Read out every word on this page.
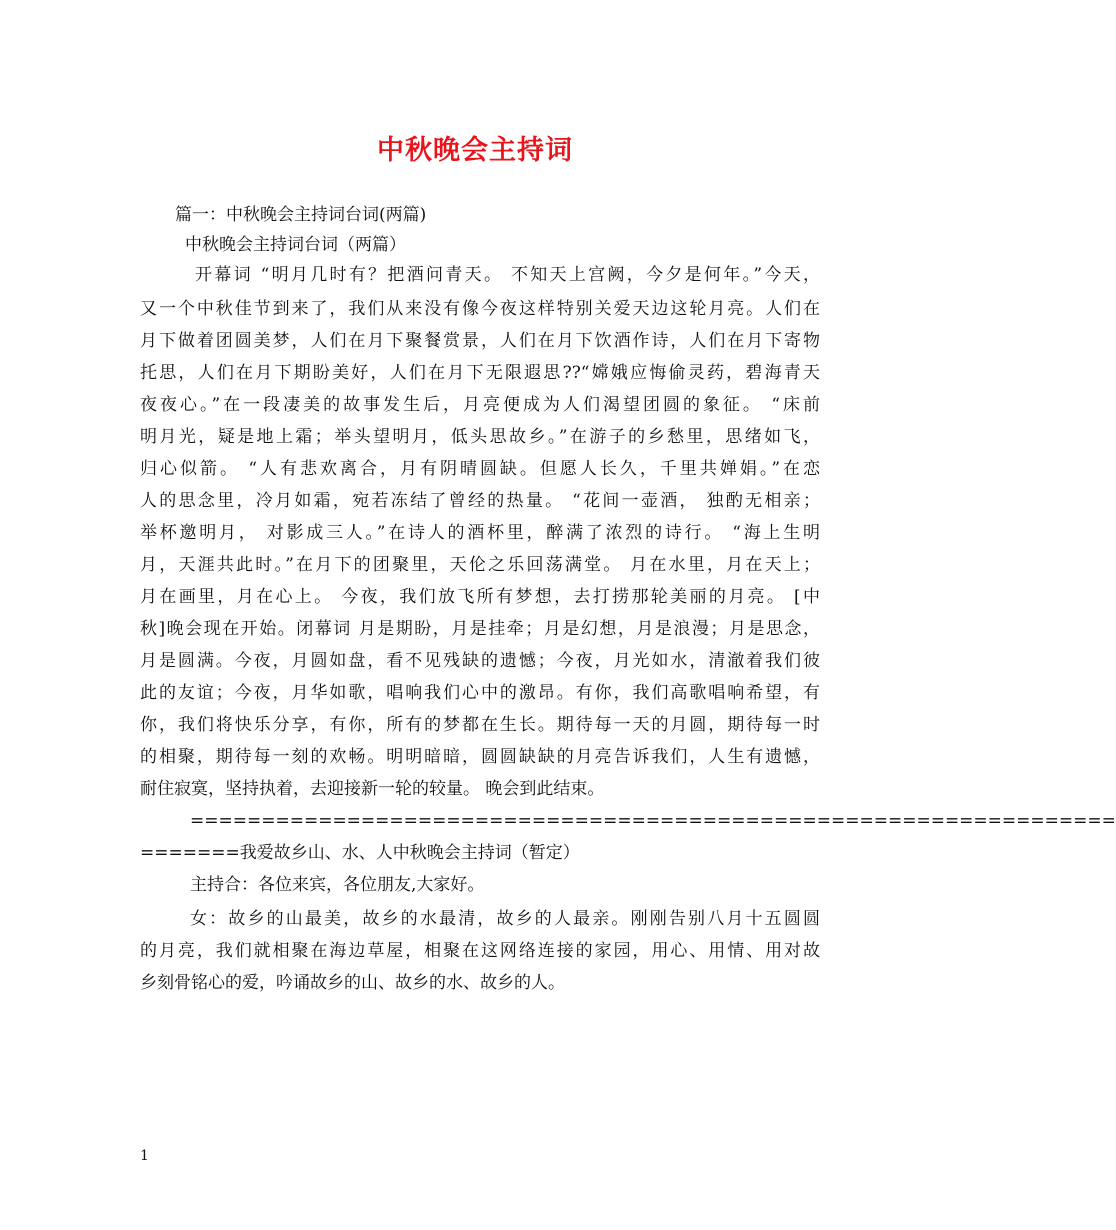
中秋晚会主持词
篇一：中秋晚会主持词台词(两篇)
中秋晚会主持词台词（两篇）
开幕词 “明月几时有？把酒问青天。 不知天上宫阙，今夕是何年。”今天，
又一个中秋佳节到来了，我们从来没有像今夜这样特别关爱天边这轮月亮。人们在
月下做着团圆美梦，人们在月下聚餐赏景，人们在月下饮酒作诗，人们在月下寄物
托思，人们在月下期盼美好，人们在月下无限遐思??“嫦娥应悔偷灵药，碧海青天
夜夜心。”在一段凄美的故事发生后，月亮便成为人们渴望团圆的象征。 “床前
明月光，疑是地上霜；举头望明月，低头思故乡。”在游子的乡愁里，思绪如飞，
归心似箭。 “人有悲欢离合，月有阴晴圆缺。但愿人长久，千里共婵娟。”在恋
人的思念里，冷月如霜，宛若冻结了曾经的热量。 “花间一壶酒， 独酌无相亲；
举杯邀明月， 对影成三人。”在诗人的酒杯里，醉满了浓烈的诗行。 “海上生明
月，天涯共此时。”在月下的团聚里，天伦之乐回荡满堂。 月在水里，月在天上；
月在画里，月在心上。 今夜，我们放飞所有梦想，去打捞那轮美丽的月亮。 [中
秋]晚会现在开始。闭幕词 月是期盼，月是挂牵；月是幻想，月是浪漫；月是思念，
月是圆满。今夜，月圆如盘，看不见残缺的遗憾；今夜，月光如水，清澈着我们彼
此的友谊；今夜，月华如歌，唱响我们心中的激昂。有你，我们高歌唱响希望，有
你，我们将快乐分享，有你，所有的梦都在生长。期待每一天的月圆，期待每一时
的相聚，期待每一刻的欢畅。明明暗暗，圆圆缺缺的月亮告诉我们，人生有遗憾，
耐住寂寞，坚持执着，去迎接新一轮的较量。 晚会到此结束。
=================================================================
=======我爱故乡山、水、人中秋晚会主持词（暂定）
主持合：各位来宾，各位朋友,大家好。
女：故乡的山最美，故乡的水最清，故乡的人最亲。刚刚告别八月十五圆圆
的月亮，我们就相聚在海边草屋，相聚在这网络连接的家园，用心、用情、用对故
乡刻骨铭心的爱，吟诵故乡的山、故乡的水、故乡的人。
1
